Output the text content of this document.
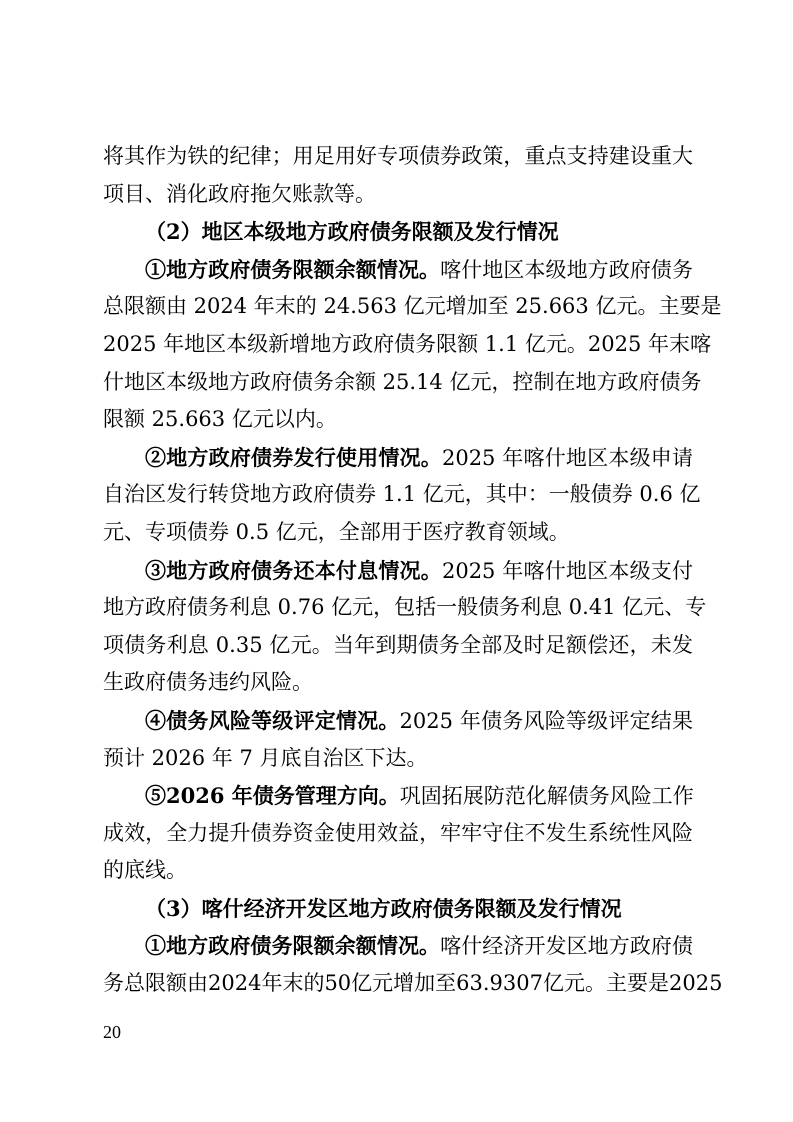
将其作为铁的纪律；用足用好专项债券政策，重点支持建设重大
项目、消化政府拖欠账款等。
（2）地区本级地方政府债务限额及发行情况
①地方政府债务限额余额情况。喀什地区本级地方政府债务
总限额由 2024 年末的 24.563 亿元增加至 25.663 亿元。主要是
2025 年地区本级新增地方政府债务限额 1.1 亿元。2025 年末喀
什地区本级地方政府债务余额 25.14 亿元，控制在地方政府债务
限额 25.663 亿元以内。
②地方政府债券发行使用情况。2025 年喀什地区本级申请
自治区发行转贷地方政府债券 1.1 亿元，其中：一般债券 0.6 亿
元、专项债券 0.5 亿元，全部用于医疗教育领域。
③地方政府债务还本付息情况。2025 年喀什地区本级支付
地方政府债务利息 0.76 亿元，包括一般债务利息 0.41 亿元、专
项债务利息 0.35 亿元。当年到期债务全部及时足额偿还，未发
生政府债务违约风险。
④债务风险等级评定情况。2025 年债务风险等级评定结果
预计 2026 年 7 月底自治区下达。
⑤2026 年债务管理方向。巩固拓展防范化解债务风险工作
成效，全力提升债券资金使用效益，牢牢守住不发生系统性风险
的底线。
（3）喀什经济开发区地方政府债务限额及发行情况
①地方政府债务限额余额情况。喀什经济开发区地方政府债
务总限额由2024年末的50亿元增加至63.9307亿元。主要是2025
20
